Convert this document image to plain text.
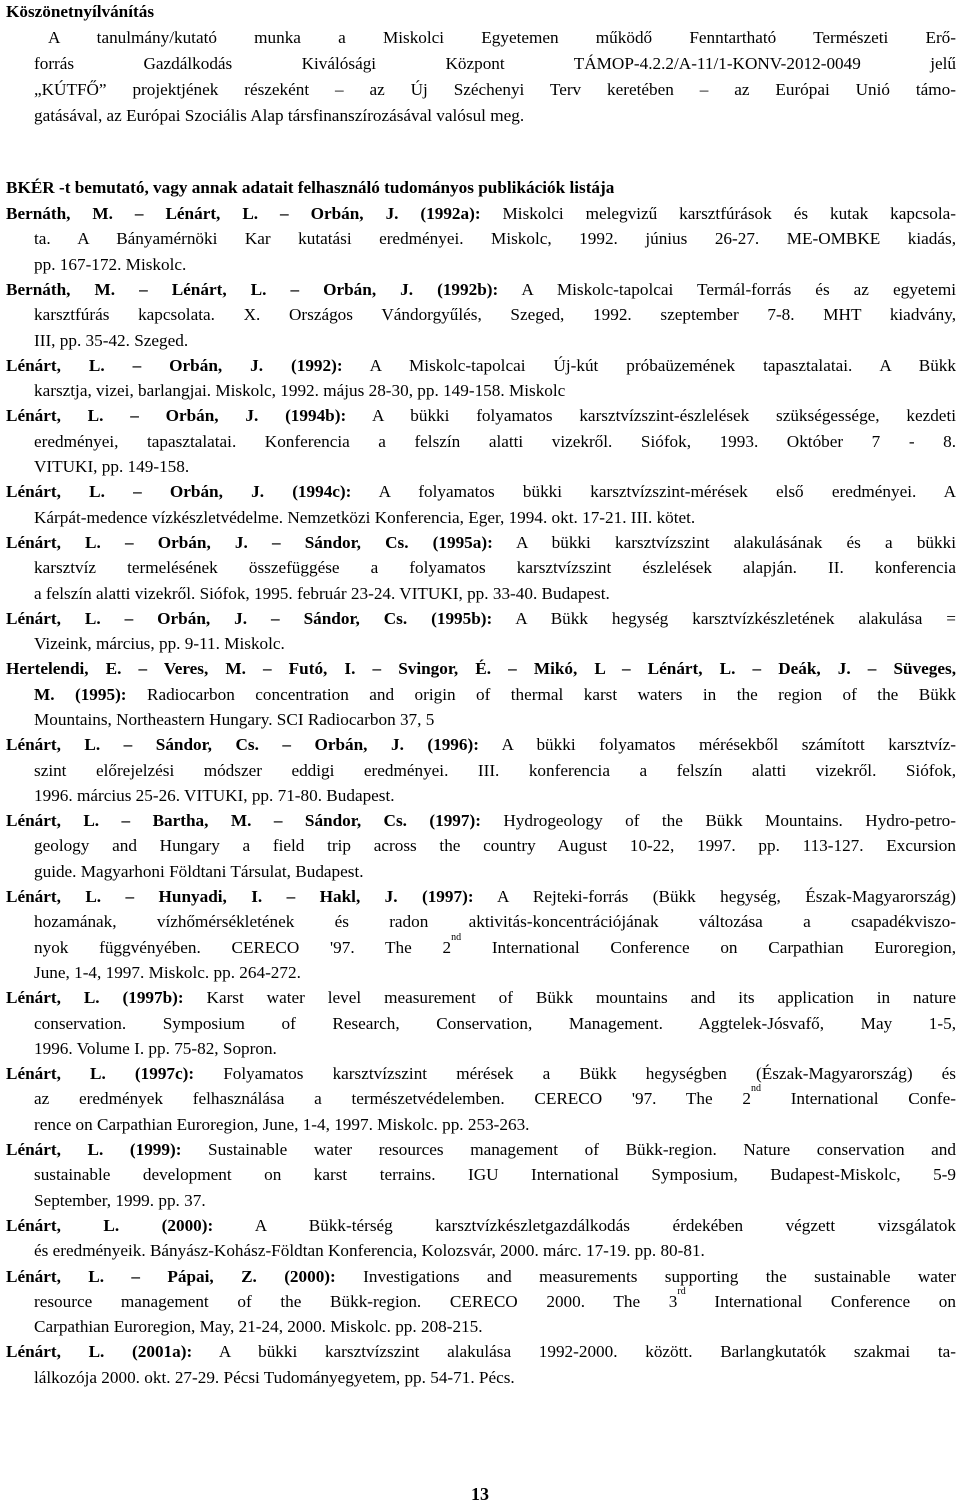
Köszönetnyílvánítás
A tanulmány/kutató munka a Miskolci Egyetemen működő Fenntartható Természeti Erő-
forrás Gazdálkodás Kiválósági Központ TÁMOP-4.2.2/A-11/1-KONV-2012-0049 jelű
„KÚTFŐ” projektjének részeként – az Új Széchenyi Terv keretében – az Európai Unió támo-
gatásával, az Európai Szociális Alap társfinanszírozásával valósul meg.
BKÉR -t bemutató, vagy annak adatait felhasználó tudományos publikációk listája
Bernáth, M. – Lénárt, L. – Orbán, J. (1992a): Miskolci melegvizű karsztfúrások és kutak kapcsola-
ta. A Bányamérnöki Kar kutatási eredményei. Miskolc, 1992. június 26-27. ME-OMBKE kiadás,
pp. 167-172. Miskolc.
Bernáth, M. – Lénárt, L. – Orbán, J. (1992b): A Miskolc-tapolcai Termál-forrás és az egyetemi
karsztfúrás kapcsolata. X. Országos Vándorgyűlés, Szeged, 1992. szeptember 7-8. MHT kiadvány,
III, pp. 35-42. Szeged.
Lénárt, L. – Orbán, J. (1992): A Miskolc-tapolcai Új-kút próbaüzemének tapasztalatai. A Bükk
karsztja, vizei, barlangjai. Miskolc, 1992. május 28-30, pp. 149-158. Miskolc
Lénárt, L. – Orbán, J. (1994b): A bükki folyamatos karsztvízszint-észlelések szükségessége, kezdeti
eredményei, tapasztalatai. Konferencia a felszín alatti vizekről. Siófok, 1993. Október 7 - 8.
VITUKI, pp. 149-158.
Lénárt, L. – Orbán, J. (1994c): A folyamatos bükki karsztvízszint-mérések első eredményei. A
Kárpát-medence vízkészletvédelme. Nemzetközi Konferencia, Eger, 1994. okt. 17-21. III. kötet.
Lénárt, L. – Orbán, J. – Sándor, Cs. (1995a): A bükki karsztvízszint alakulásának és a bükki
karsztvíz termelésének összefüggése a folyamatos karsztvízszint észlelések alapján. II. konferencia
a felszín alatti vizekről. Siófok, 1995. február 23-24. VITUKI, pp. 33-40. Budapest.
Lénárt, L. – Orbán, J. – Sándor, Cs. (1995b): A Bükk hegység karsztvízkészletének alakulása =
Vizeink, március, pp. 9-11. Miskolc.
Hertelendi, E. – Veres, M. – Futó, I. – Svingor, É. – Mikó, L – Lénárt, L. – Deák, J. – Süveges,
M. (1995): Radiocarbon concentration and origin of thermal karst waters in the region of the Bükk
Mountains, Northeastern Hungary. SCI Radiocarbon 37, 5
Lénárt, L. – Sándor, Cs. – Orbán, J. (1996): A bükki folyamatos mérésekből számított karsztvíz-
szint előrejelzési módszer eddigi eredményei. III. konferencia a felszín alatti vizekről. Siófok,
1996. március 25-26. VITUKI, pp. 71-80. Budapest.
Lénárt, L. – Bartha, M. – Sándor, Cs. (1997): Hydrogeology of the Bükk Mountains. Hydro-petro-
geology and Hungary a field trip across the country August 10-22, 1997. pp. 113-127. Excursion
guide. Magyarhoni Földtani Társulat, Budapest.
Lénárt, L. – Hunyadi, I. – Hakl, J. (1997): A Rejteki-forrás (Bükk hegység, Észak-Magyarország)
hozamának, vízhőmérsékletének és radon aktivitás-koncentrációjának változása a csapadékviszo-
nyok függvényében. CERECO '97. The 2nd International Conference on Carpathian Euroregion,
June, 1-4, 1997. Miskolc. pp. 264-272.
Lénárt, L. (1997b): Karst water level measurement of Bükk mountains and its application in nature
conservation. Symposium of Research, Conservation, Management. Aggtelek-Jósvafő, May 1-5,
1996. Volume I. pp. 75-82, Sopron.
Lénárt, L. (1997c): Folyamatos karsztvízszint mérések a Bükk hegységben (Észak-Magyarország) és
az eredmények felhasználása a természetvédelemben. CERECO '97. The 2nd International Confe-
rence on Carpathian Euroregion, June, 1-4, 1997. Miskolc. pp. 253-263.
Lénárt, L. (1999): Sustainable water resources management of Bükk-region. Nature conservation and
sustainable development on karst terrains. IGU International Symposium, Budapest-Miskolc, 5-9
September, 1999. pp. 37.
Lénárt, L. (2000): A Bükk-térség karsztvízkészletgazdálkodás érdekében végzett vizsgálatok
és eredményeik. Bányász-Kohász-Földtan Konferencia, Kolozsvár, 2000. márc. 17-19. pp. 80-81.
Lénárt, L. – Pápai, Z. (2000): Investigations and measurements supporting the sustainable water
resource management of the Bükk-region. CERECO 2000. The 3rd International Conference on
Carpathian Euroregion, May, 21-24, 2000. Miskolc. pp. 208-215.
Lénárt, L. (2001a): A bükki karsztvízszint alakulása 1992-2000. között. Barlangkutatók szakmai ta-
lálkozója 2000. okt. 27-29. Pécsi Tudományegyetem, pp. 54-71. Pécs.
13
